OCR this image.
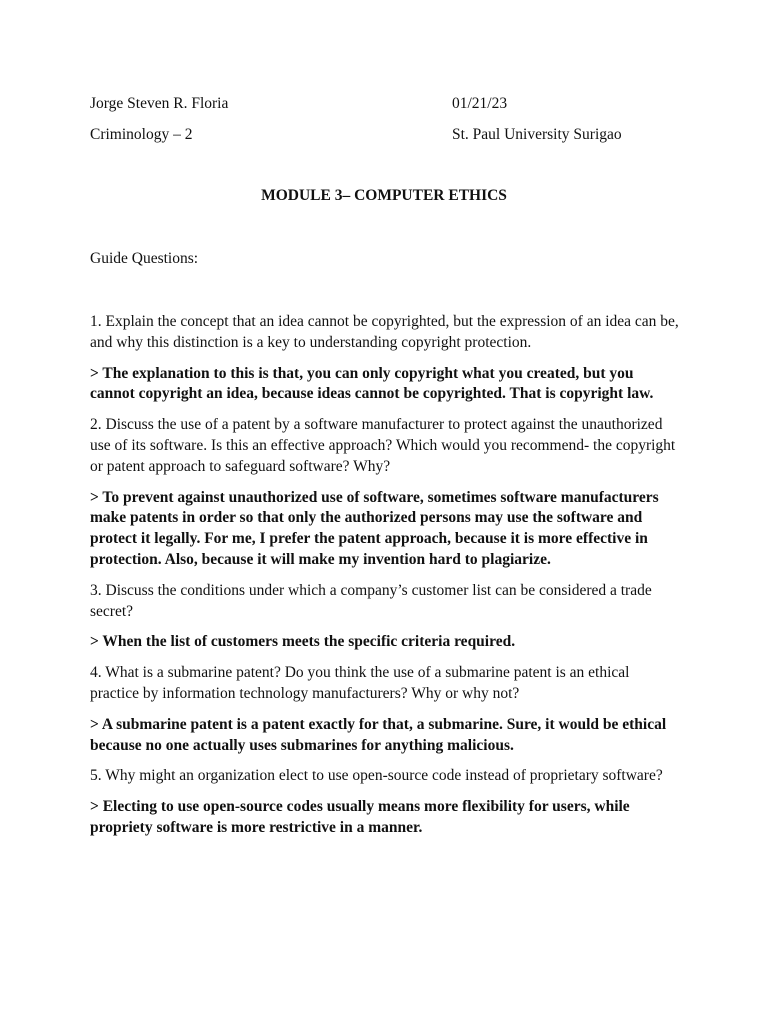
Jorge Steven R. Floria	01/21/23
Criminology – 2	St. Paul University Surigao
MODULE 3– COMPUTER ETHICS
Guide Questions:

1. Explain the concept that an idea cannot be copyrighted, but the expression of an idea can be, and why this distinction is a key to understanding copyright protection.

> The explanation to this is that, you can only copyright what you created, but you cannot copyright an idea, because ideas cannot be copyrighted. That is copyright law.

2. Discuss the use of a patent by a software manufacturer to protect against the unauthorized use of its software. Is this an effective approach? Which would you recommend- the copyright or patent approach to safeguard software? Why?

> To prevent against unauthorized use of software, sometimes software manufacturers make patents in order so that only the authorized persons may use the software and protect it legally. For me, I prefer the patent approach, because it is more effective in protection. Also, because it will make my invention hard to plagiarize.

3. Discuss the conditions under which a company’s customer list can be considered a trade secret?

> When the list of customers meets the specific criteria required.

4. What is a submarine patent? Do you think the use of a submarine patent is an ethical practice by information technology manufacturers? Why or why not?

> A submarine patent is a patent exactly for that, a submarine. Sure, it would be ethical because no one actually uses submarines for anything malicious.

5. Why might an organization elect to use open-source code instead of proprietary software?

> Electing to use open-source codes usually means more flexibility for users, while propriety software is more restrictive in a manner.
